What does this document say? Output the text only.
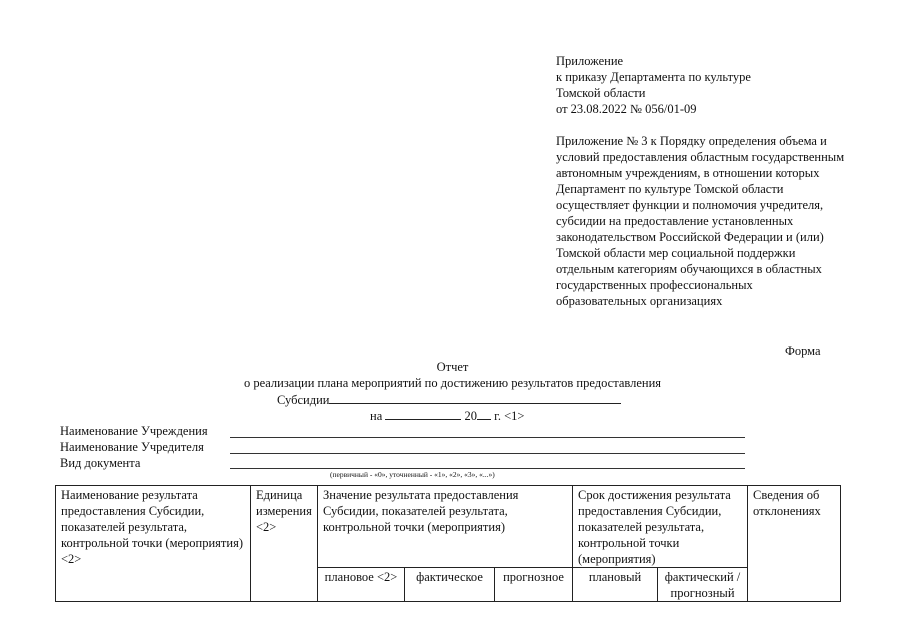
Приложение
к приказу Департамента по культуре
Томской области
от 23.08.2022 № 056/01-09
Приложение № 3 к Порядку определения объема и условий предоставления областным государственным автономным учреждениям, в отношении которых Департамент по культуре Томской области осуществляет функции и полномочия учредителя, субсидии на предоставление установленных законодательством Российской Федерации и (или) Томской области мер социальной поддержки отдельным категориям обучающихся в областных государственных профессиональных образовательных организациях
Форма
Отчет
о реализации плана мероприятий по достижению результатов предоставления
Субсидии
на	20 г. <1>
Наименование Учреждения
Наименование Учредителя
Вид документа
(первичный - «0», уточненный - «1», «2», «3», «...»)
Наименование результата предоставления Субсидии, показателей результата, контрольной точки (мероприятия) <2>	Единица измерения <2>	Значение результата предоставления Субсидии, показателей результата, контрольной точки (мероприятия)			Срок достижения результата предоставления Субсидии, показателей результата, контрольной точки (мероприятия)		Сведения об отклонениях
		плановое <2>	фактическое	прогнозное	плановый	фактический / прогнозный	
